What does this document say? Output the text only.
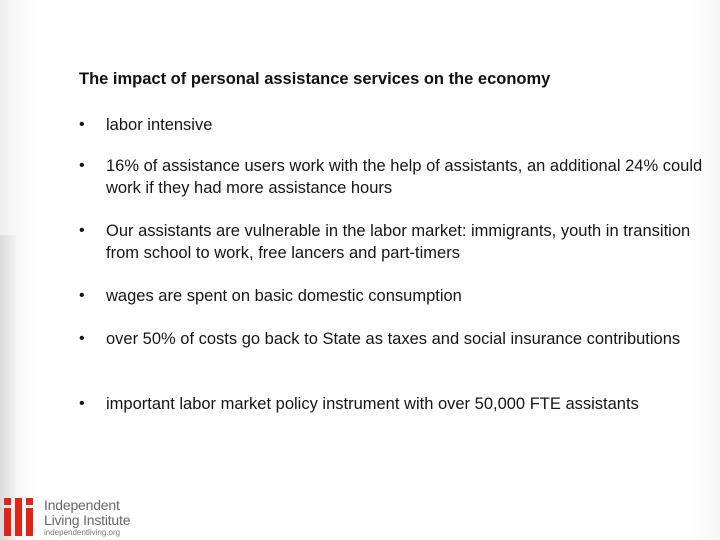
The impact of personal assistance services on the economy
•	labor intensive
•	16% of assistance users work with the help of assistants, an additional 24% could work if they had more assistance hours
•	Our assistants are vulnerable in the labor market: immigrants, youth in transition from school to work, free lancers and part-timers
•	wages are spent on basic domestic consumption
•	over 50% of costs go back to State as taxes and social insurance contributions
•	important labor market policy instrument with over 50,000 FTE assistants
Independent
Living Institute
independentliving.org
